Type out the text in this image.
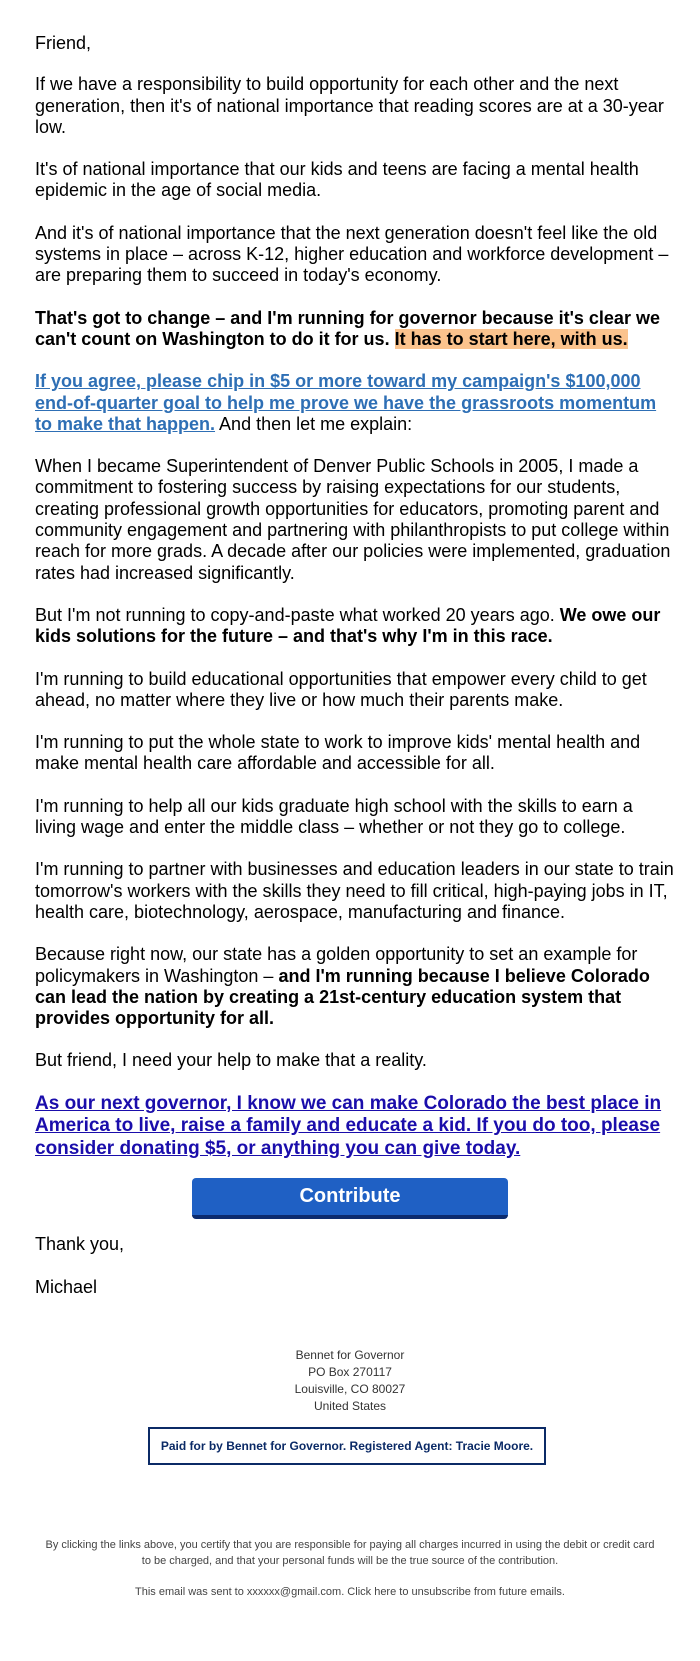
Friend,

If we have a responsibility to build opportunity for each other and the next generation, then it's of national importance that reading scores are at a 30-year low.

It's of national importance that our kids and teens are facing a mental health epidemic in the age of social media.

And it's of national importance that the next generation doesn't feel like the old systems in place – across K-12, higher education and workforce development – are preparing them to succeed in today's economy.

That's got to change – and I'm running for governor because it's clear we can't count on Washington to do it for us. It has to start here, with us.

If you agree, please chip in $5 or more toward my campaign's $100,000 end-of-quarter goal to help me prove we have the grassroots momentum to make that happen. And then let me explain:

When I became Superintendent of Denver Public Schools in 2005, I made a commitment to fostering success by raising expectations for our students, creating professional growth opportunities for educators, promoting parent and community engagement and partnering with philanthropists to put college within reach for more grads. A decade after our policies were implemented, graduation rates had increased significantly.

But I'm not running to copy-and-paste what worked 20 years ago. We owe our kids solutions for the future – and that's why I'm in this race.

I'm running to build educational opportunities that empower every child to get ahead, no matter where they live or how much their parents make.

I'm running to put the whole state to work to improve kids' mental health and make mental health care affordable and accessible for all.

I'm running to help all our kids graduate high school with the skills to earn a living wage and enter the middle class – whether or not they go to college.

I'm running to partner with businesses and education leaders in our state to train tomorrow's workers with the skills they need to fill critical, high-paying jobs in IT, health care, biotechnology, aerospace, manufacturing and finance.

Because right now, our state has a golden opportunity to set an example for policymakers in Washington – and I'm running because I believe Colorado can lead the nation by creating a 21st-century education system that provides opportunity for all.

But friend, I need your help to make that a reality.

As our next governor, I know we can make Colorado the best place in America to live, raise a family and educate a kid. If you do too, please consider donating $5, or anything you can give today.

Contribute

Thank you,

Michael

Bennet for Governor
PO Box 270117
Louisville, CO 80027
United States
Paid for by Bennet for Governor. Registered Agent: Tracie Moore.
By clicking the links above, you certify that you are responsible for paying all charges incurred in using the debit or credit card to be charged, and that your personal funds will be the true source of the contribution.
This email was sent to xxxxxx@gmail.com. Click here to unsubscribe from future emails.
